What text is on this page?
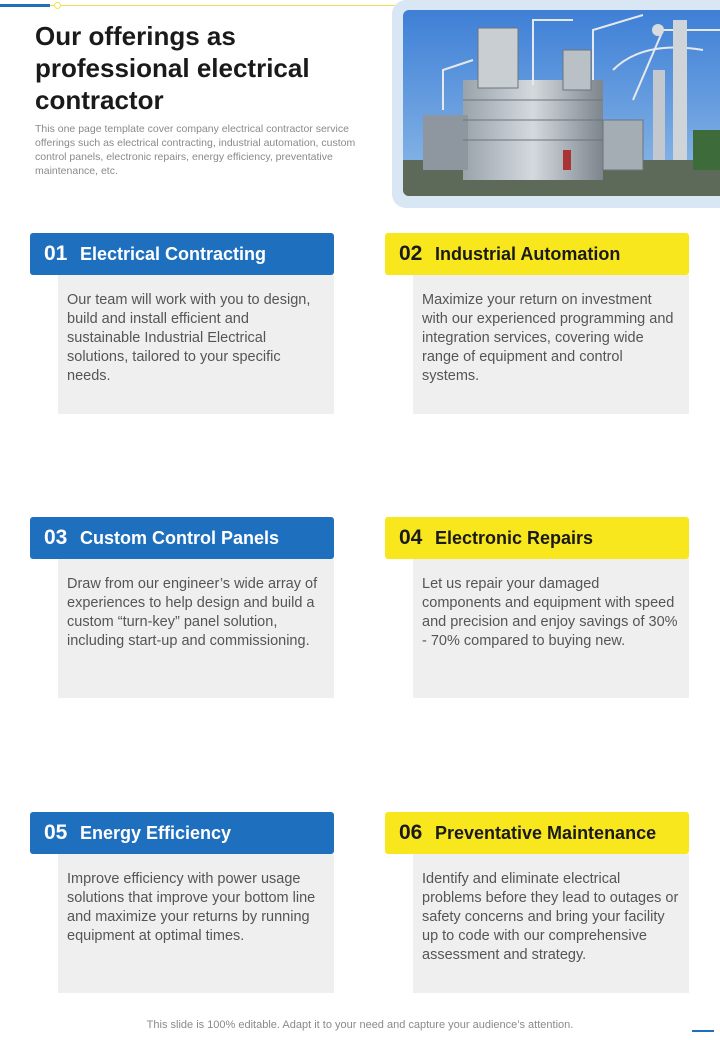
Our offerings as professional electrical contractor

This one page template cover company electrical contractor service offerings such as electrical contracting, industrial automation, custom control panels, electronic repairs, energy efficiency, preventative maintenance, etc.

01 Electrical Contracting

Our team will work with you to design, build and install efficient and sustainable Industrial Electrical solutions, tailored to your specific needs.

02 Industrial Automation

Maximize your return on investment with our experienced programming and integration services, covering wide range of equipment and control systems.

03 Custom Control Panels

Draw from our engineer’s wide array of experiences to help design and build a custom “turn-key” panel solution, including start-up and commissioning.

04 Electronic Repairs

Let us repair your damaged components and equipment with speed and precision and enjoy savings of 30% - 70% compared to buying new.

05 Energy Efficiency

Improve efficiency with power usage solutions that improve your bottom line and maximize your returns by running equipment at optimal times.

06 Preventative Maintenance

Identify and eliminate electrical problems before they lead to outages or safety concerns and bring your facility up to code with our comprehensive assessment and strategy.

This slide is 100% editable. Adapt it to your need and capture your audience’s attention.
